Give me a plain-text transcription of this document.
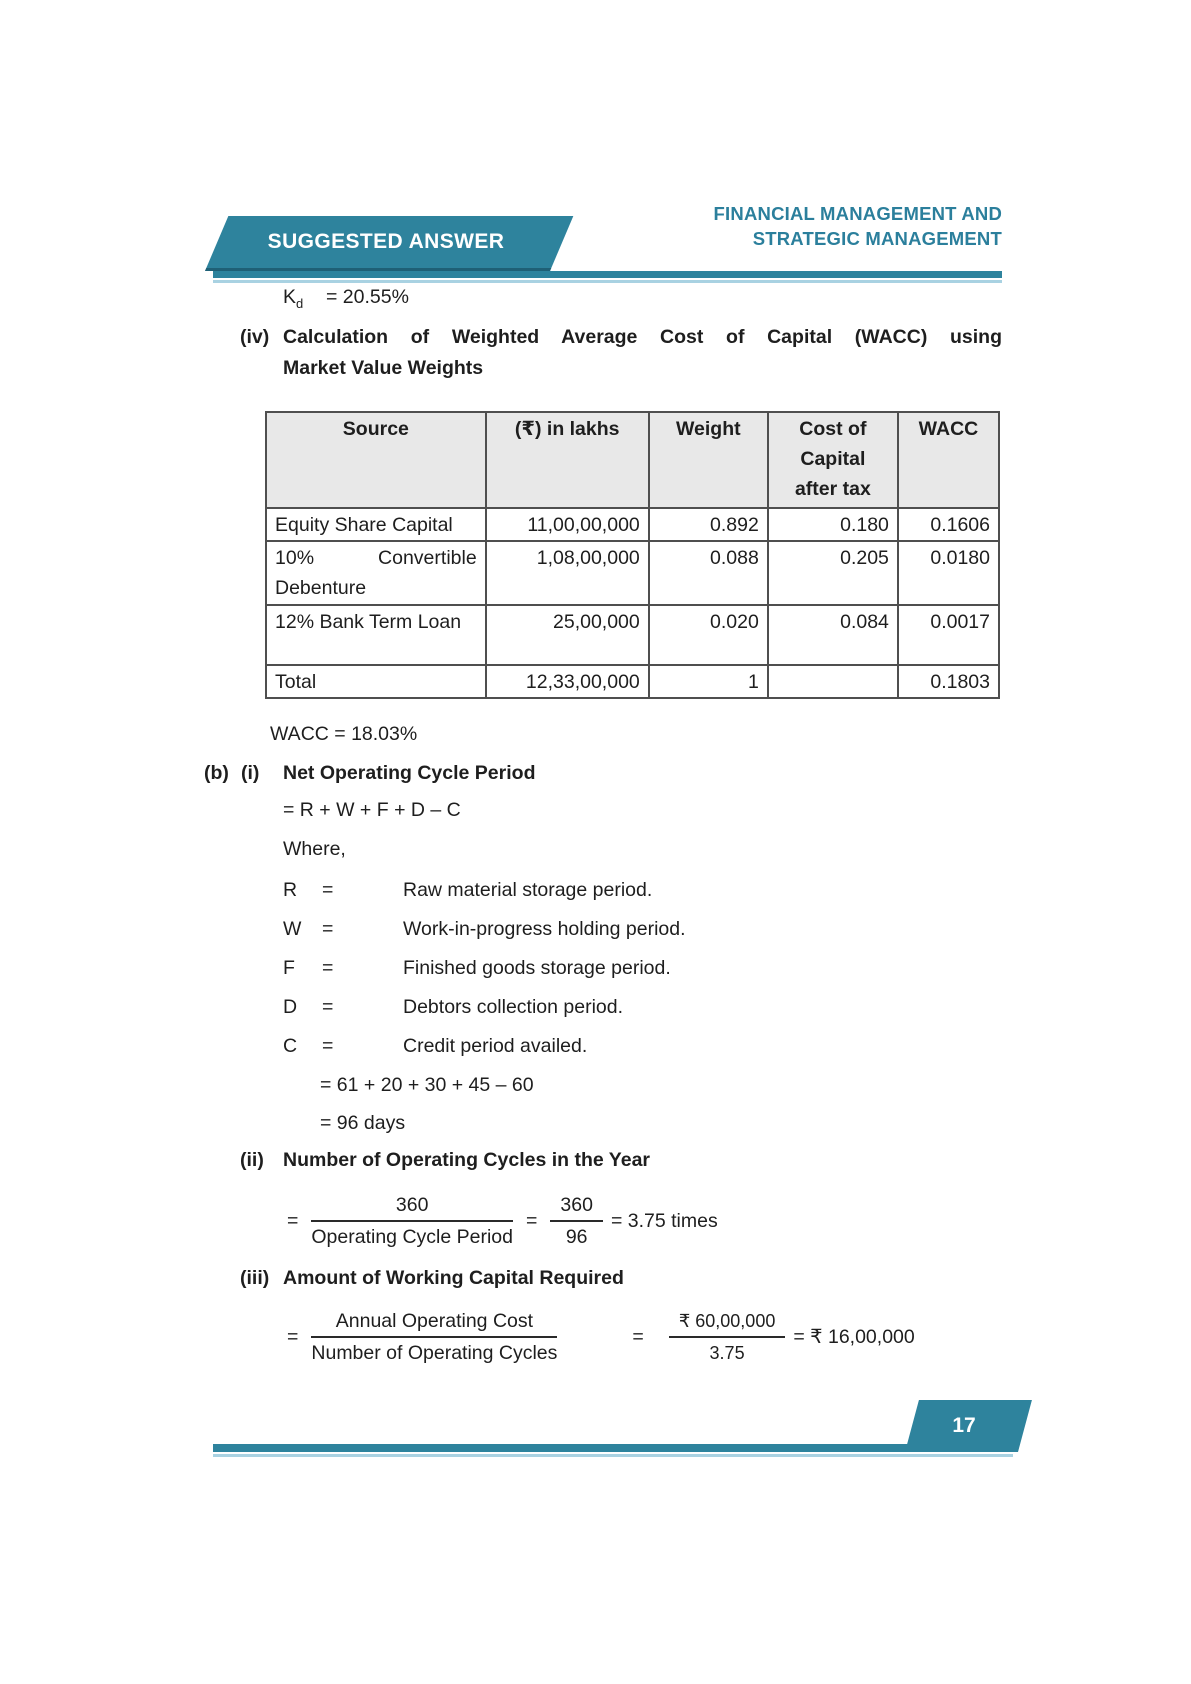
SUGGESTED ANSWER
FINANCIAL MANAGEMENT AND
STRATEGIC MANAGEMENT
$K_d = 20.55\%$
(iv) Calculation of Weighted Average Cost of Capital (WACC) using
Market Value Weights
Source	(₹) in lakhs	Weight	Cost of Capital after tax	WACC
Equity Share Capital	11,00,00,000	0.892	0.180	0.1606
10% Convertible Debenture	1,08,00,000	0.088	0.205	0.0180
12% Bank Term Loan	25,00,000	0.020	0.084	0.0017
Total	12,33,00,000	1		0.1803
WACC = 18.03%
(b) (i) Net Operating Cycle Period
= R + W + F + D – C
Where,
R =	Raw material storage period.
W =	Work-in-progress holding period.
F =	Finished goods storage period.
D =	Debtors collection period.
C =	Credit period availed.
= 61 + 20 + 30 + 45 – 60
= 96 days
(ii) Number of Operating Cycles in the Year
= $\frac{360}{\text{Operating Cycle Period}} = \frac{360}{96} = 3.75$ times
(iii) Amount of Working Capital Required
= $\frac{\text{Annual Operating Cost}}{\text{Number of Operating Cycles}}$	= $\frac{₹ 60,00,000}{3.75}$ = ₹ 16,00,000
17
